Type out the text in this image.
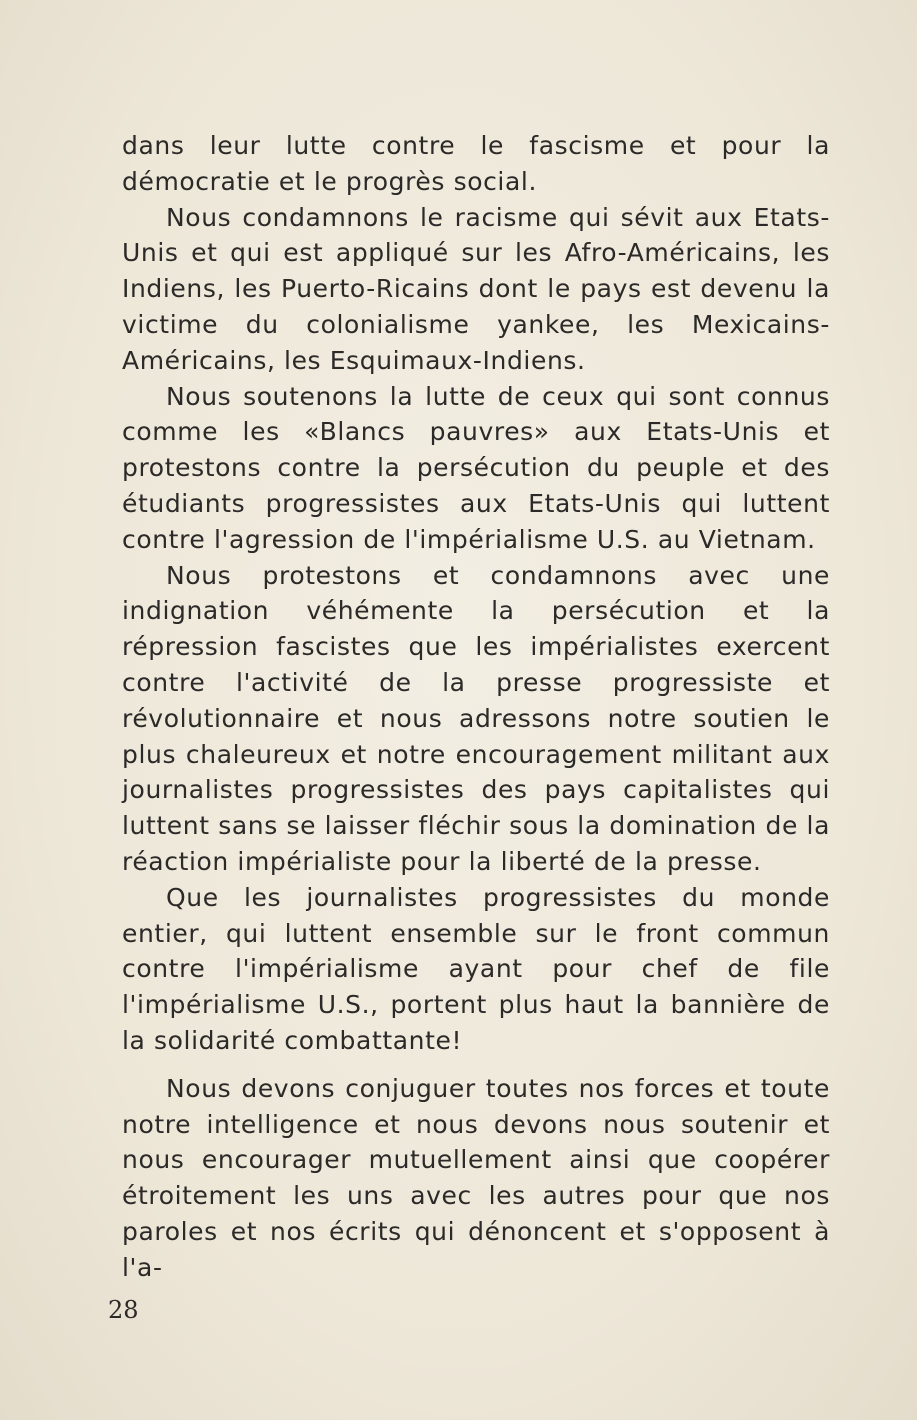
dans leur lutte contre le fascisme et pour la démocratie et le progrès social.

Nous condamnons le racisme qui sévit aux Etats-Unis et qui est appliqué sur les Afro-Américains, les Indiens, les Puerto-Ricains dont le pays est devenu la victime du colonialisme yankee, les Mexicains-Américains, les Esquimaux-Indiens.

Nous soutenons la lutte de ceux qui sont connus comme les «Blancs pauvres» aux Etats-Unis et protestons contre la persécution du peuple et des étudiants progressistes aux Etats-Unis qui luttent contre l'agression de l'impérialisme U.S. au Vietnam.

Nous protestons et condamnons avec une indignation véhémente la persécution et la répression fascistes que les impérialistes exercent contre l'activité de la presse progressiste et révolutionnaire et nous adressons notre soutien le plus chaleureux et notre encouragement militant aux journalistes progressistes des pays capitalistes qui luttent sans se laisser fléchir sous la domination de la réaction impérialiste pour la liberté de la presse.

Que les journalistes progressistes du monde entier, qui luttent ensemble sur le front commun contre l'impérialisme ayant pour chef de file l'impérialisme U.S., portent plus haut la bannière de la solidarité combattante!

Nous devons conjuguer toutes nos forces et toute notre intelligence et nous devons nous soutenir et nous encourager mutuellement ainsi que coopérer étroitement les uns avec les autres pour que nos paroles et nos écrits qui dénoncent et s'opposent à l'a-

28
